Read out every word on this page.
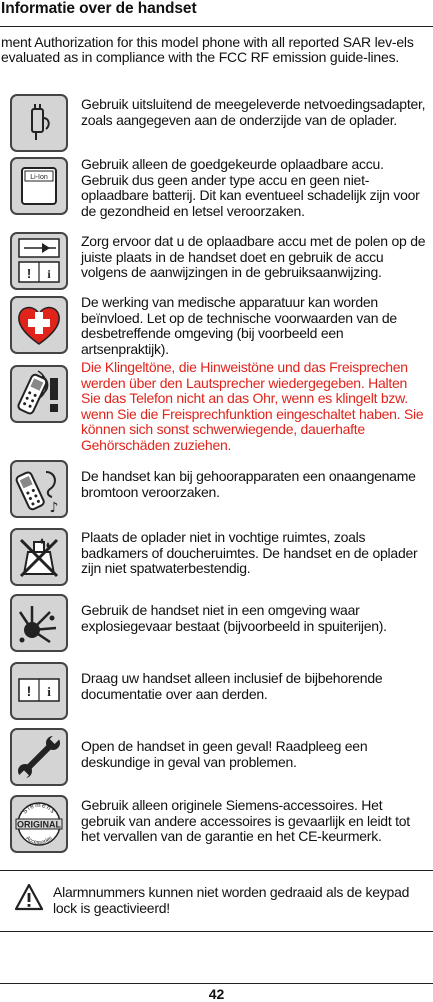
Informatie over de handset
ment Authorization for this model phone with all reported SAR lev-els evaluated as in compliance with the FCC RF emission guide-lines.
Gebruik uitsluitend de meegeleverde netvoedingsadapter, zoals aangegeven aan de onderzijde van de oplader.
Li-Ion
Gebruik alleen de goedgekeurde oplaadbare accu. Gebruik dus geen ander type accu en geen niet-oplaadbare batterij. Dit kan eventueel schadelijk zijn voor de gezondheid en letsel veroorzaken.
! i
Zorg ervoor dat u de oplaadbare accu met de polen op de juiste plaats in de handset doet en gebruik de accu volgens de aanwijzingen in de gebruiksaanwijzing.
De werking van medische apparatuur kan worden beïnvloed. Let op de technische voorwaarden van de desbetreffende omgeving (bij voorbeeld een artsenpraktijk).
Die Klingeltöne, die Hinweistöne und das Freisprechen werden über den Lautsprecher wiedergegeben. Halten Sie das Telefon nicht an das Ohr, wenn es klingelt bzw. wenn Sie die Freisprechfunktion eingeschaltet haben. Sie können sich sonst schwerwiegende, dauerhafte Gehörschäden zuziehen.
♪
De handset kan bij gehoorapparaten een onaangename bromtoon veroorzaken.
Plaats de oplader niet in vochtige ruimtes, zoals badkamers of doucheruimtes. De handset en de oplader zijn niet spatwaterbestendig.
Gebruik de handset niet in een omgeving waar explosiegevaar bestaat (bijvoorbeeld in spuiterijen).
! i
Draag uw handset alleen inclusief de bijbehorende documentatie over aan derden.
Open de handset in geen geval! Raadpleeg een deskundige in geval van problemen.
Siemens
Accessories
ORIGINAL
Gebruik alleen originele Siemens-accessoires. Het gebruik van andere accessoires is gevaarlijk en leidt tot het vervallen van de garantie en het CE-keurmerk.
Alarmnummers kunnen niet worden gedraaid als de keypad lock is geactivieerd!
42
